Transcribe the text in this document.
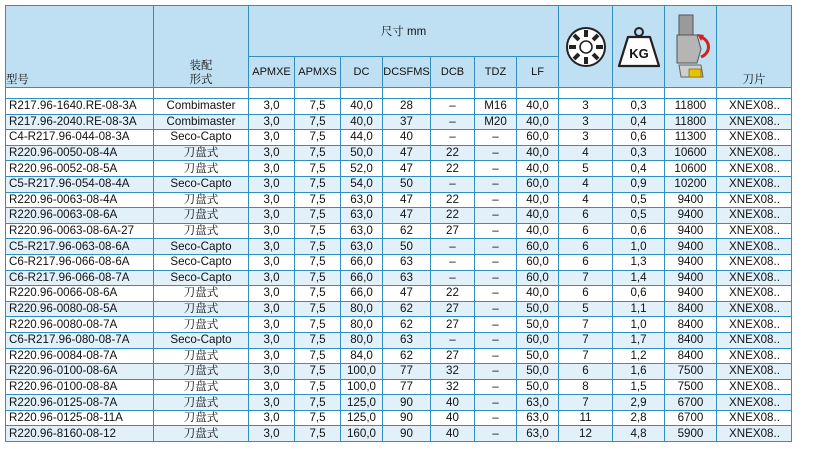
型号	装配
形式	尺寸 mm								KG		刀片
		APMXE	APMXS	DC	DCSFMS	DCB	TDZ	LF				

R217.96-1640.RE-08-3A	Combimaster	3,0	7,5	40,0	28	–	M16	40,0	3	0,3	11800	XNEX08..
R217.96-2040.RE-08-3A	Combimaster	3,0	7,5	40,0	37	–	M20	40,0	3	0,4	11800	XNEX08..
C4-R217.96-044-08-3A	Seco-Capto	3,0	7,5	44,0	40	–	–	60,0	3	0,6	11300	XNEX08..
R220.96-0050-08-4A	刀盘式	3,0	7,5	50,0	47	22	–	40,0	4	0,3	10600	XNEX08..
R220.96-0052-08-5A	刀盘式	3,0	7,5	52,0	47	22	–	40,0	5	0,4	10600	XNEX08..
C5-R217.96-054-08-4A	Seco-Capto	3,0	7,5	54,0	50	–	–	60,0	4	0,9	10200	XNEX08..
R220.96-0063-08-4A	刀盘式	3,0	7,5	63,0	47	22	–	40,0	4	0,5	9400	XNEX08..
R220.96-0063-08-6A	刀盘式	3,0	7,5	63,0	47	22	–	40,0	6	0,5	9400	XNEX08..
R220.96-0063-08-6A-27	刀盘式	3,0	7,5	63,0	62	27	–	40,0	6	0,6	9400	XNEX08..
C5-R217.96-063-08-6A	Seco-Capto	3,0	7,5	63,0	50	–	–	60,0	6	1,0	9400	XNEX08..
C6-R217.96-066-08-6A	Seco-Capto	3,0	7,5	66,0	63	–	–	60,0	6	1,3	9400	XNEX08..
C6-R217.96-066-08-7A	Seco-Capto	3,0	7,5	66,0	63	–	–	60,0	7	1,4	9400	XNEX08..
R220.96-0066-08-6A	刀盘式	3,0	7,5	66,0	47	22	–	40,0	6	0,6	9400	XNEX08..
R220.96-0080-08-5A	刀盘式	3,0	7,5	80,0	62	27	–	50,0	5	1,1	8400	XNEX08..
R220.96-0080-08-7A	刀盘式	3,0	7,5	80,0	62	27	–	50,0	7	1,0	8400	XNEX08..
C6-R217.96-080-08-7A	Seco-Capto	3,0	7,5	80,0	63	–	–	60,0	7	1,7	8400	XNEX08..
R220.96-0084-08-7A	刀盘式	3,0	7,5	84,0	62	27	–	50,0	7	1,2	8400	XNEX08..
R220.96-0100-08-6A	刀盘式	3,0	7,5	100,0	77	32	–	50,0	6	1,6	7500	XNEX08..
R220.96-0100-08-8A	刀盘式	3,0	7,5	100,0	77	32	–	50,0	8	1,5	7500	XNEX08..
R220.96-0125-08-7A	刀盘式	3,0	7,5	125,0	90	40	–	63,0	7	2,9	6700	XNEX08..
R220.96-0125-08-11A	刀盘式	3,0	7,5	125,0	90	40	–	63,0	11	2,8	6700	XNEX08..
R220.96-8160-08-12	刀盘式	3,0	7,5	160,0	90	40	–	63,0	12	4,8	5900	XNEX08..
